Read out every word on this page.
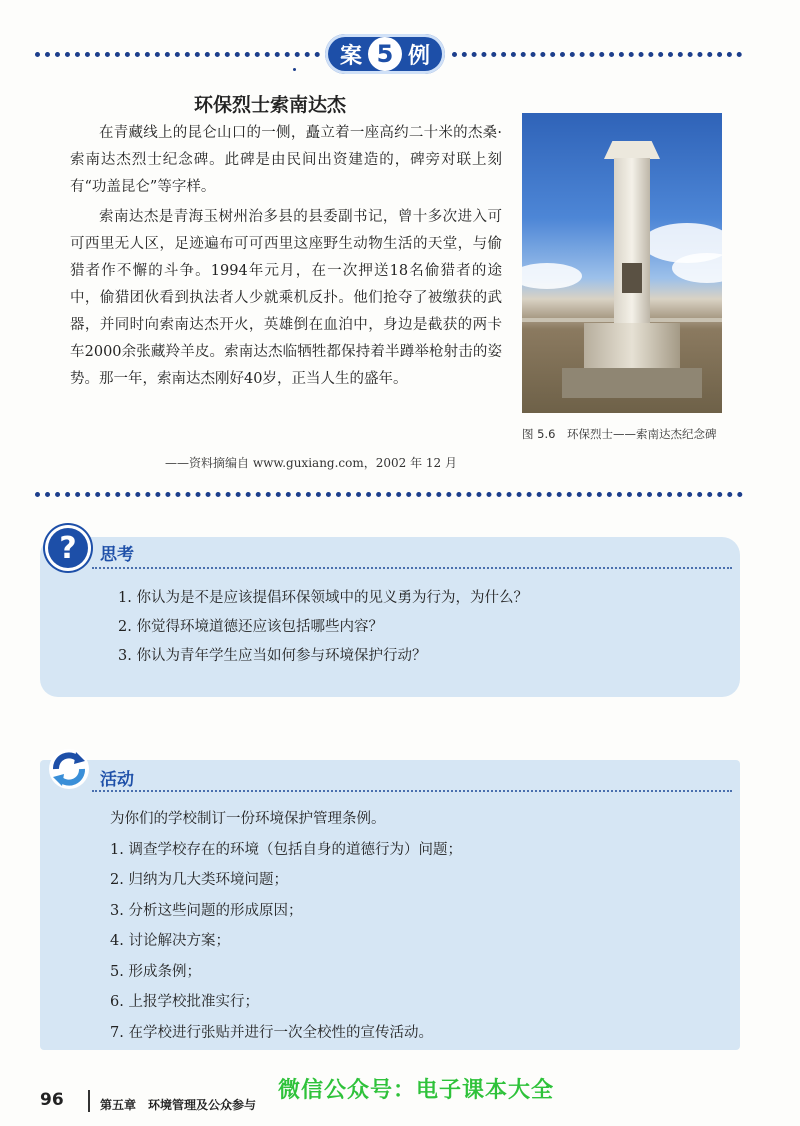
案 5 例
环保烈士索南达杰

在青藏线上的昆仑山口的一侧，矗立着一座高约二十米的杰桑·索南达杰烈士纪念碑。此碑是由民间出资建造的，碑旁对联上刻有“功盖昆仑”等字样。

索南达杰是青海玉树州治多县的县委副书记，曾十多次进入可可西里无人区，足迹遍布可可西里这座野生动物生活的天堂，与偷猎者作不懈的斗争。1994年元月，在一次押送18名偷猎者的途中，偷猎团伙看到执法者人少就乘机反扑。他们抢夺了被缴获的武器，并同时向索南达杰开火，英雄倒在血泊中，身边是截获的两卡车2000余张藏羚羊皮。索南达杰临牺牲都保持着半蹲举枪射击的姿势。那一年，索南达杰刚好40岁，正当人生的盛年。

——资料摘编自 www.guxiang.com，2002 年 12 月
图 5.6　环保烈士——索南达杰纪念碑
?	思考
1. 你认为是不是应该提倡环保领域中的见义勇为行为，为什么？
2. 你觉得环境道德还应该包括哪些内容？
3. 你认为青年学生应当如何参与环境保护行动？
活动
为你们的学校制订一份环境保护管理条例。
1. 调查学校存在的环境（包括自身的道德行为）问题；
2. 归纳为几大类环境问题；
3. 分析这些问题的形成原因；
4. 讨论解决方案；
5. 形成条例；
6. 上报学校批准实行；
7. 在学校进行张贴并进行一次全校性的宣传活动。
96	第五章　环境管理及公众参与
微信公众号：电子课本大全
